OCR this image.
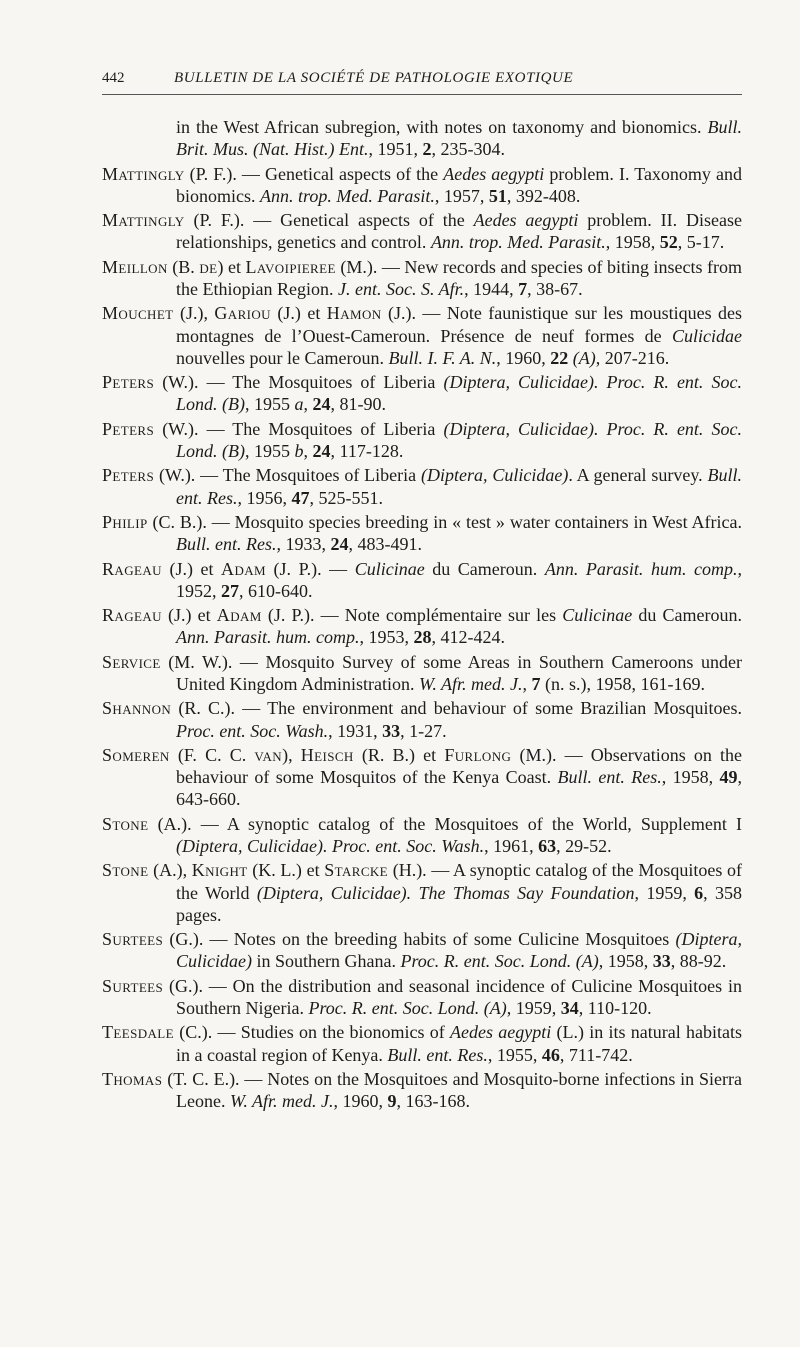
442	BULLETIN DE LA SOCIÉTÉ DE PATHOLOGIE EXOTIQUE

in the West African subregion, with notes on taxonomy and bionomics. Bull. Brit. Mus. (Nat. Hist.) Ent., 1951, 2, 235-304.

Mattingly (P. F.). — Genetical aspects of the Aedes aegypti problem. I. Taxonomy and bionomics. Ann. trop. Med. Parasit., 1957, 51, 392-408.

Mattingly (P. F.). — Genetical aspects of the Aedes aegypti problem. II. Disease relationships, genetics and control. Ann. trop. Med. Parasit., 1958, 52, 5-17.

Meillon (B. de) et Lavoipieree (M.). — New records and species of biting insects from the Ethiopian Region. J. ent. Soc. S. Afr., 1944, 7, 38-67.

Mouchet (J.), Gariou (J.) et Hamon (J.). — Note faunistique sur les moustiques des montagnes de l’Ouest-Cameroun. Présence de neuf formes de Culicidae nouvelles pour le Cameroun. Bull. I. F. A. N., 1960, 22 (A), 207-216.

Peters (W.). — The Mosquitoes of Liberia (Diptera, Culicidae). Proc. R. ent. Soc. Lond. (B), 1955 a, 24, 81-90.

Peters (W.). — The Mosquitoes of Liberia (Diptera, Culicidae). Proc. R. ent. Soc. Lond. (B), 1955 b, 24, 117-128.

Peters (W.). — The Mosquitoes of Liberia (Diptera, Culicidae). A general survey. Bull. ent. Res., 1956, 47, 525-551.

Philip (C. B.). — Mosquito species breeding in « test » water containers in West Africa. Bull. ent. Res., 1933, 24, 483-491.

Rageau (J.) et Adam (J. P.). — Culicinae du Cameroun. Ann. Parasit. hum. comp., 1952, 27, 610-640.

Rageau (J.) et Adam (J. P.). — Note complémentaire sur les Culicinae du Cameroun. Ann. Parasit. hum. comp., 1953, 28, 412-424.

Service (M. W.). — Mosquito Survey of some Areas in Southern Cameroons under United Kingdom Administration. W. Afr. med. J., 7 (n. s.), 1958, 161-169.

Shannon (R. C.). — The environment and behaviour of some Brazilian Mosquitoes. Proc. ent. Soc. Wash., 1931, 33, 1-27.

Someren (F. C. C. van), Heisch (R. B.) et Furlong (M.). — Observations on the behaviour of some Mosquitos of the Kenya Coast. Bull. ent. Res., 1958, 49, 643-660.

Stone (A.). — A synoptic catalog of the Mosquitoes of the World, Supplement I (Diptera, Culicidae). Proc. ent. Soc. Wash., 1961, 63, 29-52.

Stone (A.), Knight (K. L.) et Starcke (H.). — A synoptic catalog of the Mosquitoes of the World (Diptera, Culicidae). The Thomas Say Foundation, 1959, 6, 358 pages.

Surtees (G.). — Notes on the breeding habits of some Culicine Mosquitoes (Diptera, Culicidae) in Southern Ghana. Proc. R. ent. Soc. Lond. (A), 1958, 33, 88-92.

Surtees (G.). — On the distribution and seasonal incidence of Culicine Mosquitoes in Southern Nigeria. Proc. R. ent. Soc. Lond. (A), 1959, 34, 110-120.

Teesdale (C.). — Studies on the bionomics of Aedes aegypti (L.) in its natural habitats in a coastal region of Kenya. Bull. ent. Res., 1955, 46, 711-742.

Thomas (T. C. E.). — Notes on the Mosquitoes and Mosquito-borne infections in Sierra Leone. W. Afr. med. J., 1960, 9, 163-168.
